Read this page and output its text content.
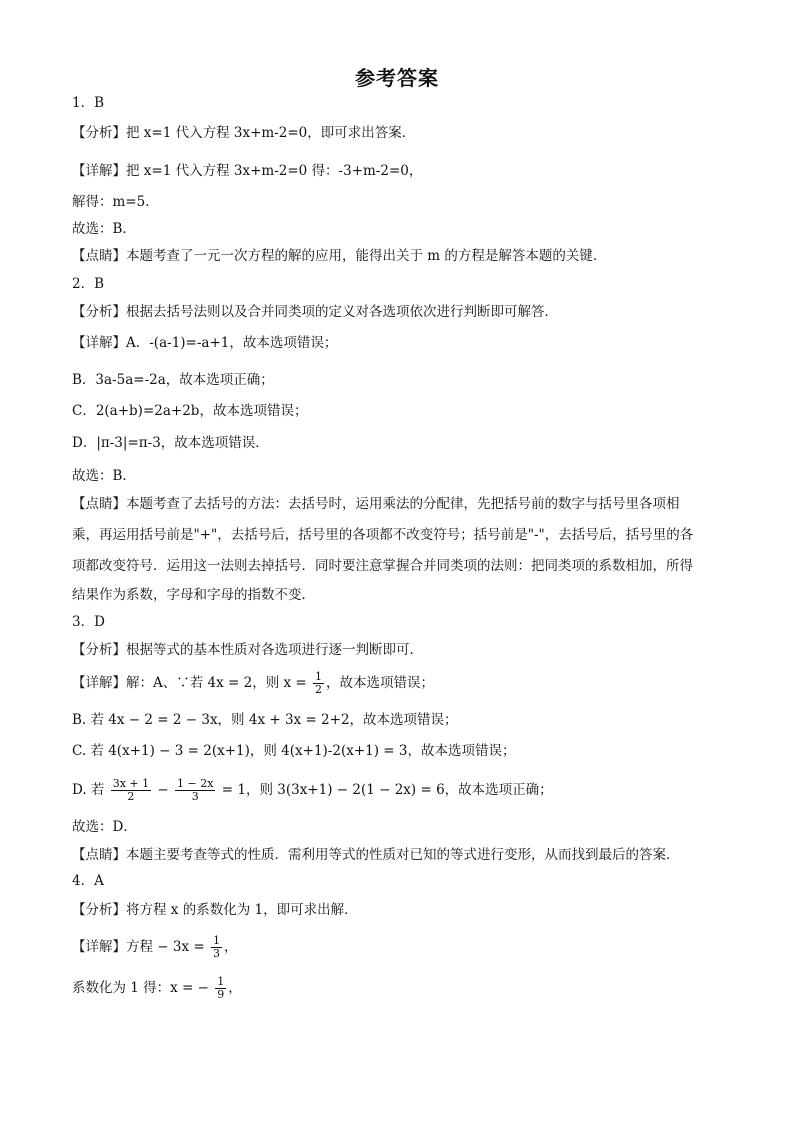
参考答案
1．B
【分析】把 x=1 代入方程 3x+m-2=0，即可求出答案．
【详解】把 x=1 代入方程 3x+m-2=0 得：-3+m-2=0，
解得：m=5．
故选：B．
【点睛】本题考查了一元一次方程的解的应用，能得出关于 m 的方程是解答本题的关键．
2．B
【分析】根据去括号法则以及合并同类项的定义对各选项依次进行判断即可解答．
【详解】A．-(a-1)=-a+1，故本选项错误；
B．3a-5a=-2a，故本选项正确；
C．2(a+b)=2a+2b，故本选项错误；
D．|π-3|=π-3，故本选项错误．
故选：B．
【点睛】本题考查了去括号的方法：去括号时，运用乘法的分配律，先把括号前的数字与括号里各项相
乘，再运用括号前是"+"，去括号后，括号里的各项都不改变符号；括号前是"-"，去括号后，括号里的各
项都改变符号．运用这一法则去掉括号．同时要注意掌握合并同类项的法则：把同类项的系数相加，所得
结果作为系数，字母和字母的指数不变．
3．D
【分析】根据等式的基本性质对各选项进行逐一判断即可．
【详解】解：A、∵若 4x = 2，则 $x = \frac{1}{2}$ ，故本选项错误；
B. 若 4x − 2 = 2 − 3x，则 4x + 3x = 2+2，故本选项错误；
C. 若 4(x+1) − 3 = 2(x+1)，则 4(x+1)-2(x+1) = 3，故本选项错误；
D. 若 $\frac{3x + 1}{2} - \frac{1 - 2x}{3} = 1$，则 3(3x+1) − 2(1 − 2x) = 6，故本选项正确；
故选：D．
【点睛】本题主要考查等式的性质．需利用等式的性质对已知的等式进行变形，从而找到最后的答案．
4．A
【分析】将方程 x 的系数化为 1，即可求出解．
【详解】方程 − $3x = \frac{1}{3}$ ，
系数化为 1 得：x = − $\frac{1}{9}$ ，
